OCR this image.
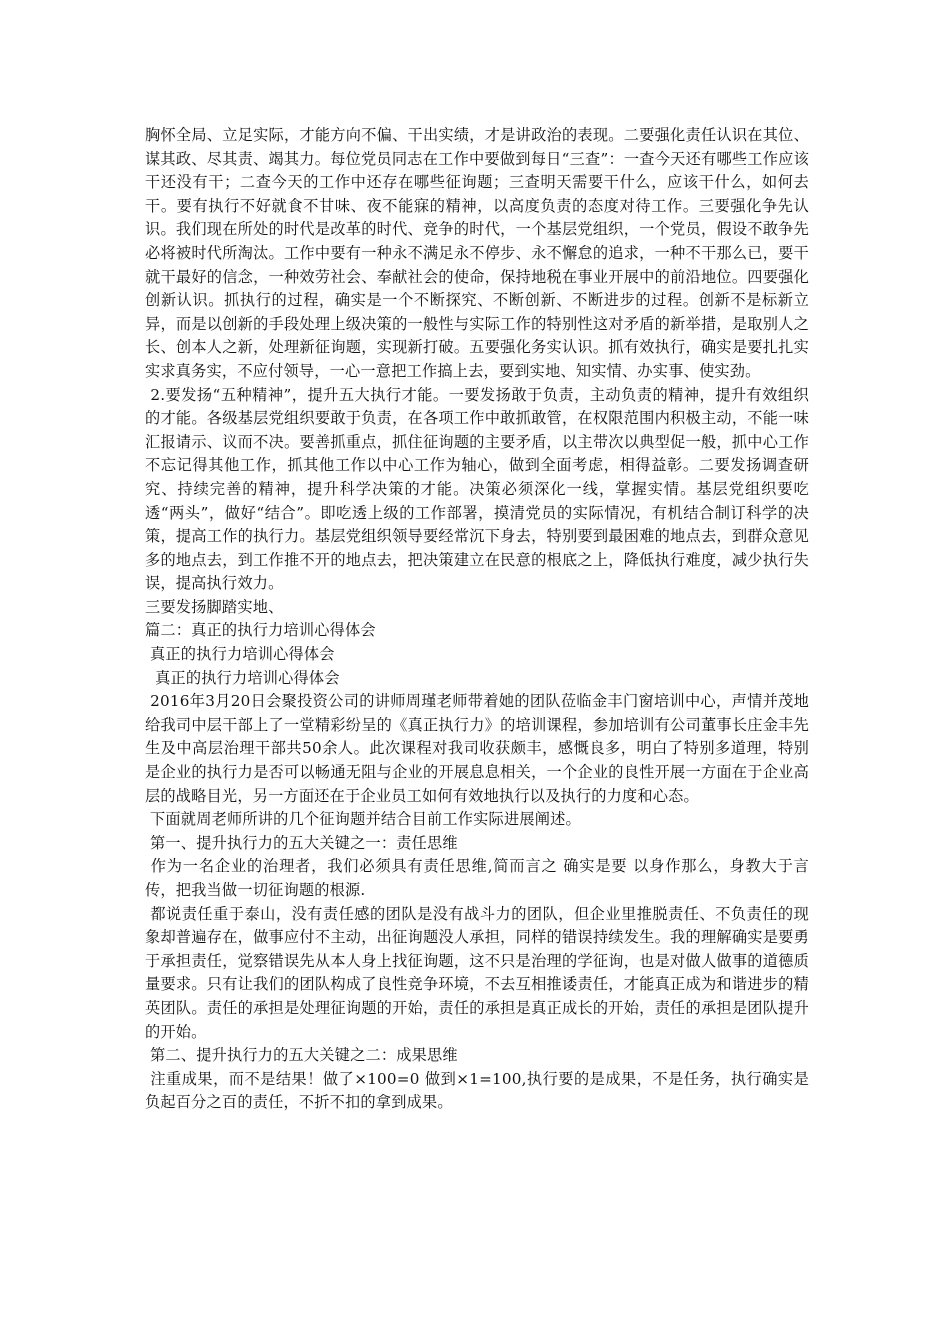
胸怀全局、立足实际，才能方向不偏、干出实绩，才是讲政治的表现。二要强化责任认识在其位、谋其政、尽其责、竭其力。每位党员同志在工作中要做到每日“三查”：一查今天还有哪些工作应该干还没有干；二查今天的工作中还存在哪些征询题；三查明天需要干什么，应该干什么，如何去干。要有执行不好就食不甘味、夜不能寐的精神，以高度负责的态度对待工作。三要强化争先认识。我们现在所处的时代是改革的时代、竞争的时代，一个基层党组织，一个党员，假设不敢争先必将被时代所淘汰。工作中要有一种永不满足永不停步、永不懈怠的追求，一种不干那么已，要干就干最好的信念，一种效劳社会、奉献社会的使命，保持地税在事业开展中的前沿地位。四要强化创新认识。抓执行的过程，确实是一个不断探究、不断创新、不断进步的过程。创新不是标新立异，而是以创新的手段处理上级决策的一般性与实际工作的特别性这对矛盾的新举措，是取别人之长、创本人之新，处理新征询题，实现新打破。五要强化务实认识。抓有效执行，确实是要扎扎实实求真务实，不应付领导，一心一意把工作搞上去，要到实地、知实情、办实事、使实劲。

2.要发扬“五种精神”，提升五大执行才能。一要发扬敢于负责，主动负责的精神，提升有效组织的才能。各级基层党组织要敢于负责，在各项工作中敢抓敢管，在权限范围内积极主动，不能一味汇报请示、议而不决。要善抓重点，抓住征询题的主要矛盾，以主带次以典型促一般，抓中心工作不忘记得其他工作，抓其他工作以中心工作为轴心，做到全面考虑，相得益彰。二要发扬调查研究、持续完善的精神，提升科学决策的才能。决策必须深化一线，掌握实情。基层党组织要吃透“两头”，做好“结合”。即吃透上级的工作部署，摸清党员的实际情况，有机结合制订科学的决策，提高工作的执行力。基层党组织领导要经常沉下身去，特别要到最困难的地点去，到群众意见多的地点去，到工作推不开的地点去，把决策建立在民意的根底之上，降低执行难度，减少执行失误，提高执行效力。

三要发扬脚踏实地、

篇二：真正的执行力培训心得体会

真正的执行力培训心得体会

真正的执行力培训心得体会

2016年3月20日会聚投资公司的讲师周瑾老师带着她的团队莅临金丰门窗培训中心，声情并茂地给我司中层干部上了一堂精彩纷呈的《真正执行力》的培训课程，参加培训有公司董事长庄金丰先生及中高层治理干部共50余人。此次课程对我司收获颇丰，感慨良多，明白了特别多道理，特别是企业的执行力是否可以畅通无阻与企业的开展息息相关，一个企业的良性开展一方面在于企业高层的战略目光，另一方面还在于企业员工如何有效地执行以及执行的力度和心态。

下面就周老师所讲的几个征询题并结合目前工作实际进展阐述。

第一、提升执行力的五大关键之一：责任思维

作为一名企业的治理者，我们必须具有责任思维,简而言之 确实是要 以身作那么，身教大于言传，把我当做一切征询题的根源.

都说责任重于泰山，没有责任感的团队是没有战斗力的团队，但企业里推脱责任、不负责任的现象却普遍存在，做事应付不主动，出征询题没人承担，同样的错误持续发生。我的理解确实是要勇于承担责任，觉察错误先从本人身上找征询题，这不只是治理的学征询，也是对做人做事的道德质量要求。只有让我们的团队构成了良性竞争环境，不去互相推诿责任，才能真正成为和谐进步的精英团队。责任的承担是处理征询题的开始，责任的承担是真正成长的开始，责任的承担是团队提升的开始。

第二、提升执行力的五大关键之二：成果思维

注重成果，而不是结果！做了×100=0 做到×1=100,执行要的是成果，不是任务，执行确实是负起百分之百的责任，不折不扣的拿到成果。
